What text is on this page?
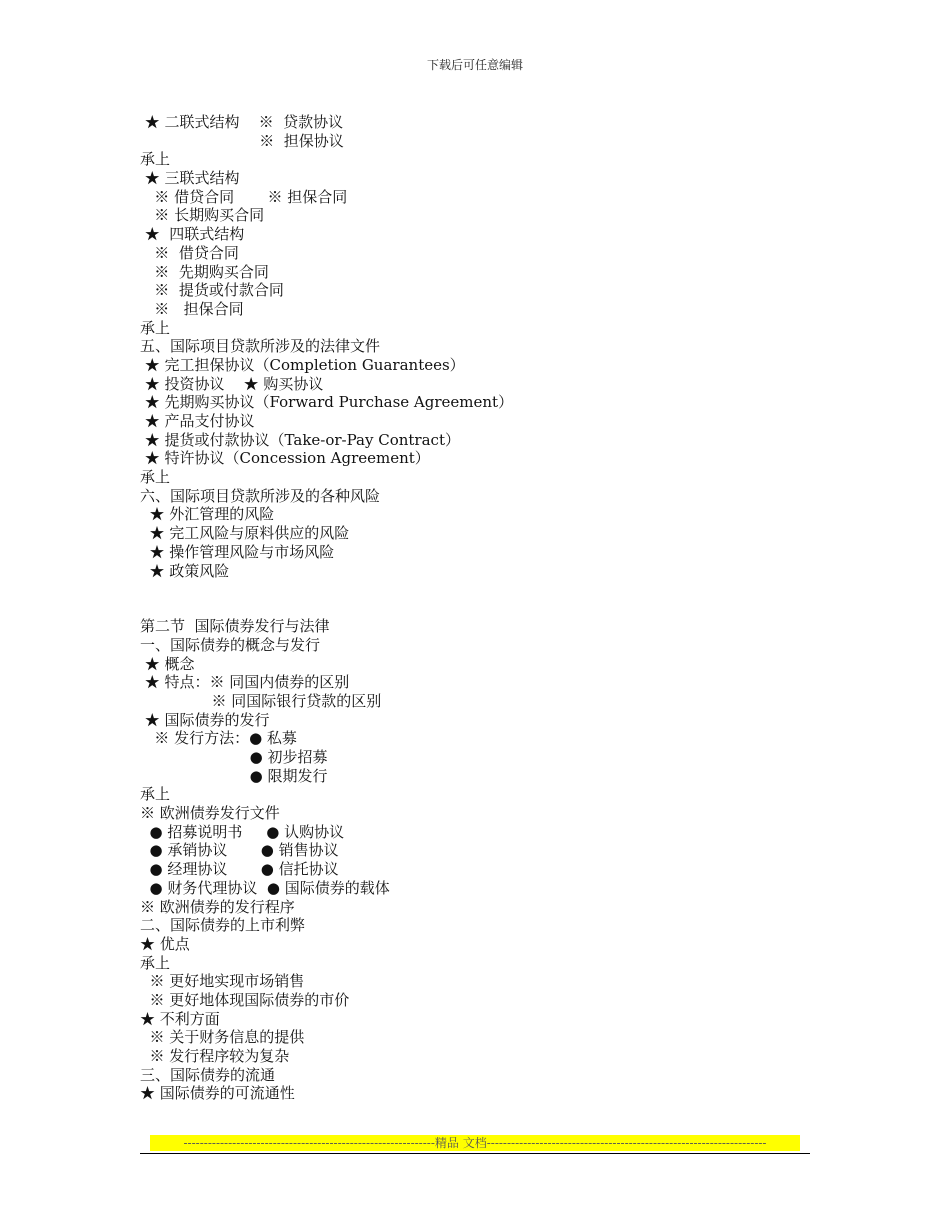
下载后可任意编辑
★ 二联式结构    ※  贷款协议
※  担保协议
承上
★ 三联式结构
※ 借贷合同       ※ 担保合同
※ 长期购买合同
★  四联式结构
※  借贷合同
※  先期购买合同
※  提货或付款合同
※   担保合同
承上
五、国际项目贷款所涉及的法律文件
★ 完工担保协议（Completion Guarantees）
★ 投资协议    ★ 购买协议
★ 先期购买协议（Forward Purchase Agreement）
★ 产品支付协议
★ 提货或付款协议（Take-or-Pay Contract）
★ 特许协议（Concession Agreement）
承上
六、国际项目贷款所涉及的各种风险
★ 外汇管理的风险
★ 完工风险与原料供应的风险
★ 操作管理风险与市场风险
★ 政策风险
第二节  国际债券发行与法律
一、国际债券的概念与发行
★ 概念
★ 特点：※ 同国内债券的区别
※ 同国际银行贷款的区别
★ 国际债券的发行
※ 发行方法：● 私募
● 初步招募
● 限期发行
承上
※ 欧洲债券发行文件
● 招募说明书     ● 认购协议
● 承销协议       ● 销售协议
● 经理协议       ● 信托协议
● 财务代理协议  ● 国际债券的载体
※ 欧洲债券的发行程序
二、国际债券的上市利弊
★ 优点
承上
※ 更好地实现市场销售
※ 更好地体现国际债券的市价
★ 不利方面
※ 关于财务信息的提供
※ 发行程序较为复杂
三、国际债券的流通
★ 国际债券的可流通性
--------------------------------------------------------------精品 文档---------------------------------------------------------------------
